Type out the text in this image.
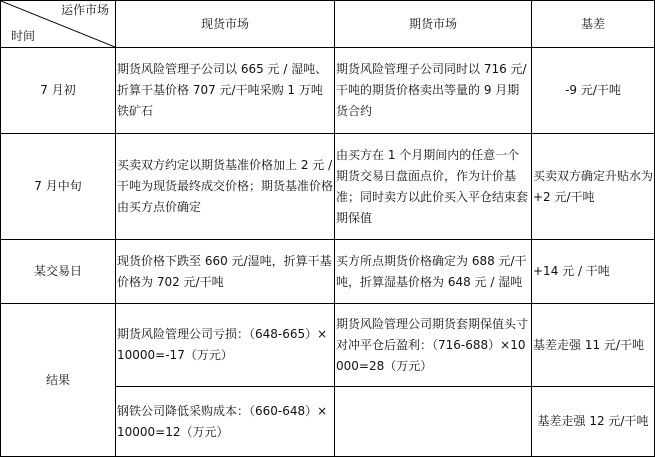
运作市场
时间	现货市场	期货市场	基差
7 月初	期货风险管理子公司以 665 元 / 湿吨、折算干基价格 707 元/干吨采购 1 万吨铁矿石	期货风险管理子公司同时以 716 元/干吨的期货价格卖出等量的 9 月期货合约	-9 元/干吨
7 月中旬	买卖双方约定以期货基准价格加上 2 元 / 干吨为现货最终成交价格；期货基准价格由买方点价确定	由买方在 1 个月期间内的任意一个期货交易日盘面点价，作为计价基准；同时卖方以此价买入平仓结束套期保值	买卖双方确定升贴水为+2 元/干吨

某交易日	现货价格下跌至 660 元/湿吨，折算干基价格为 702 元/干吨	买方所点期货价格确定为 688 元/干吨，折算湿基价格为 648 元 / 湿吨	+14 元 / 干吨

结果	期货风险管理公司亏损：（648-665）×10000=-17（万元）	期货风险管理公司期货套期保值头寸对冲平仓后盈利：（716-688）×10000=28（万元）	基差走强 11 元/干吨

	钢铁公司降低采购成本：（660-648）×10000=12（万元）		基差走强 12 元/干吨
